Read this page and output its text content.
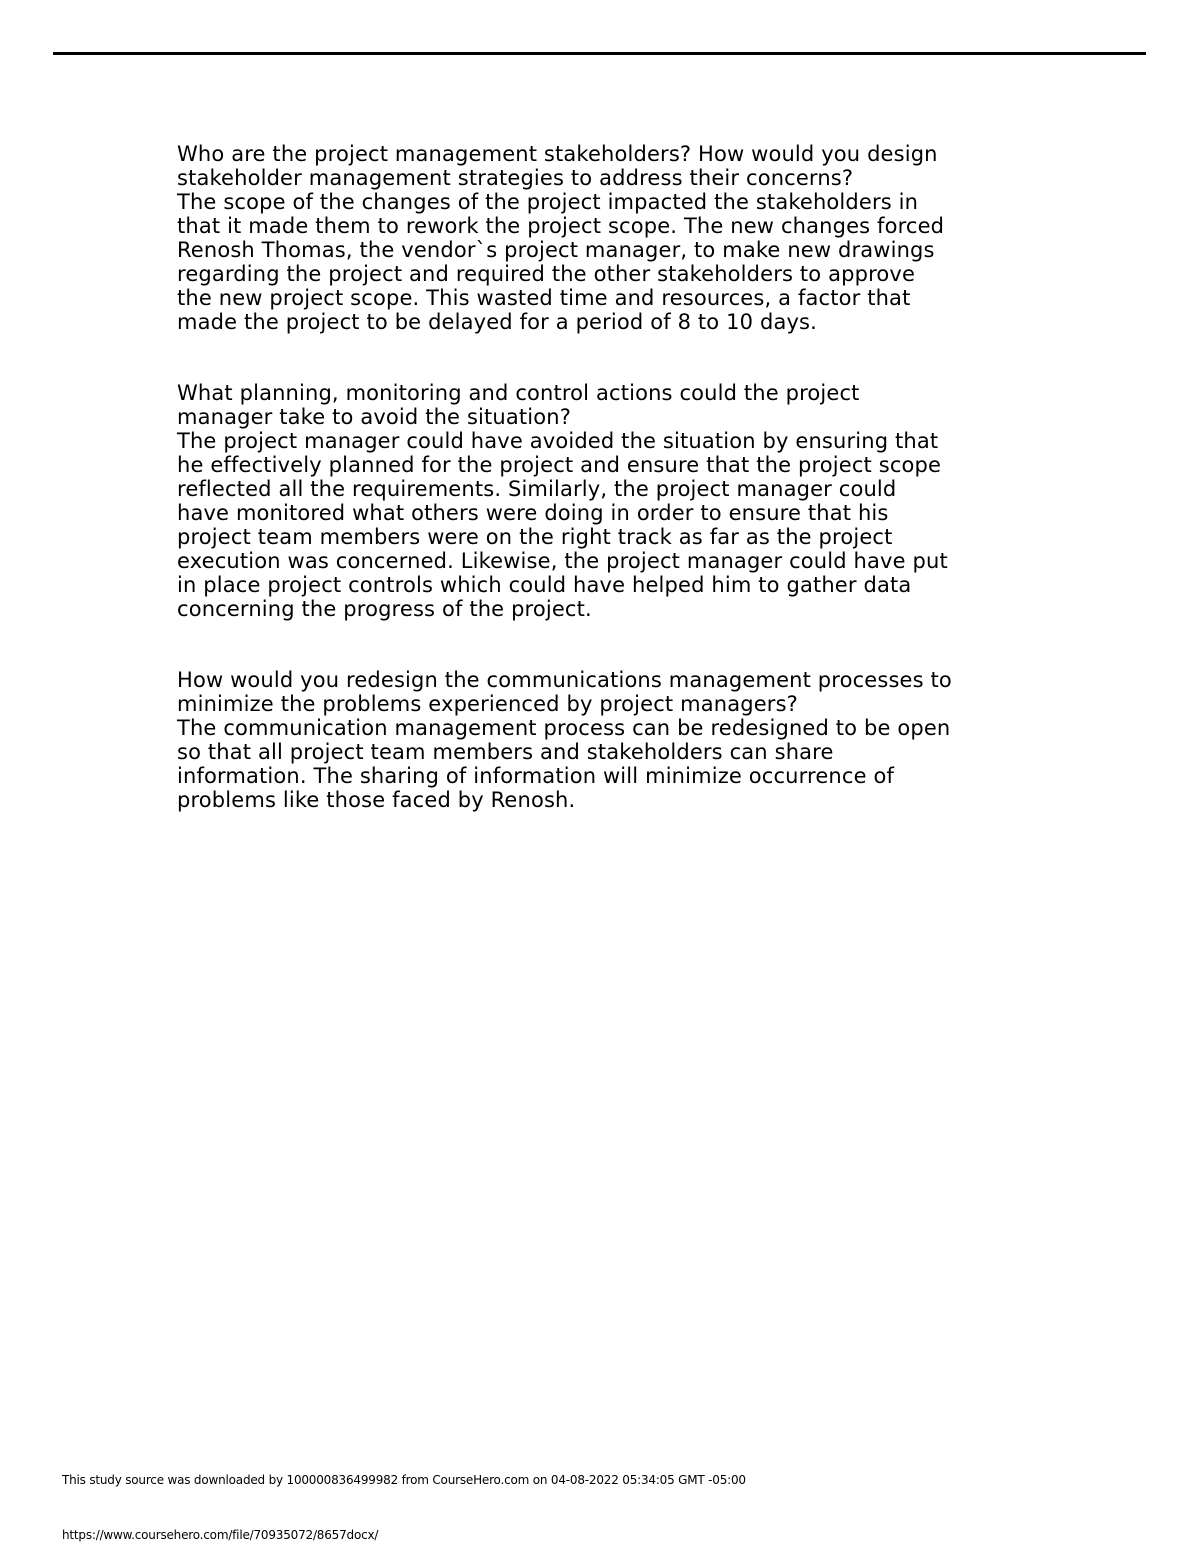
Who are the project management stakeholders? How would you design

stakeholder management strategies to address their concerns?

The scope of the changes of the project impacted the stakeholders in

that it made them to rework the project scope. The new changes forced

Renosh Thomas, the vendor`s project manager, to make new drawings

regarding the project and required the other stakeholders to approve

the new project scope. This wasted time and resources, a factor that

made the project to be delayed for a period of 8 to 10 days.

What planning, monitoring and control actions could the project

manager take to avoid the situation?

The project manager could have avoided the situation by ensuring that

he effectively planned for the project and ensure that the project scope

reflected all the requirements. Similarly, the project manager could

have monitored what others were doing in order to ensure that his

project team members were on the right track as far as the project

execution was concerned. Likewise, the project manager could have put

in place project controls which could have helped him to gather data

concerning the progress of the project.

How would you redesign the communications management processes to

minimize the problems experienced by project managers?

The communication management process can be redesigned to be open

so that all project team members and stakeholders can share

information. The sharing of information will minimize occurrence of

problems like those faced by Renosh.

This study source was downloaded by 100000836499982 from CourseHero.com on 04-08-2022 05:34:05 GMT -05:00
https://www.coursehero.com/file/70935072/8657docx/
